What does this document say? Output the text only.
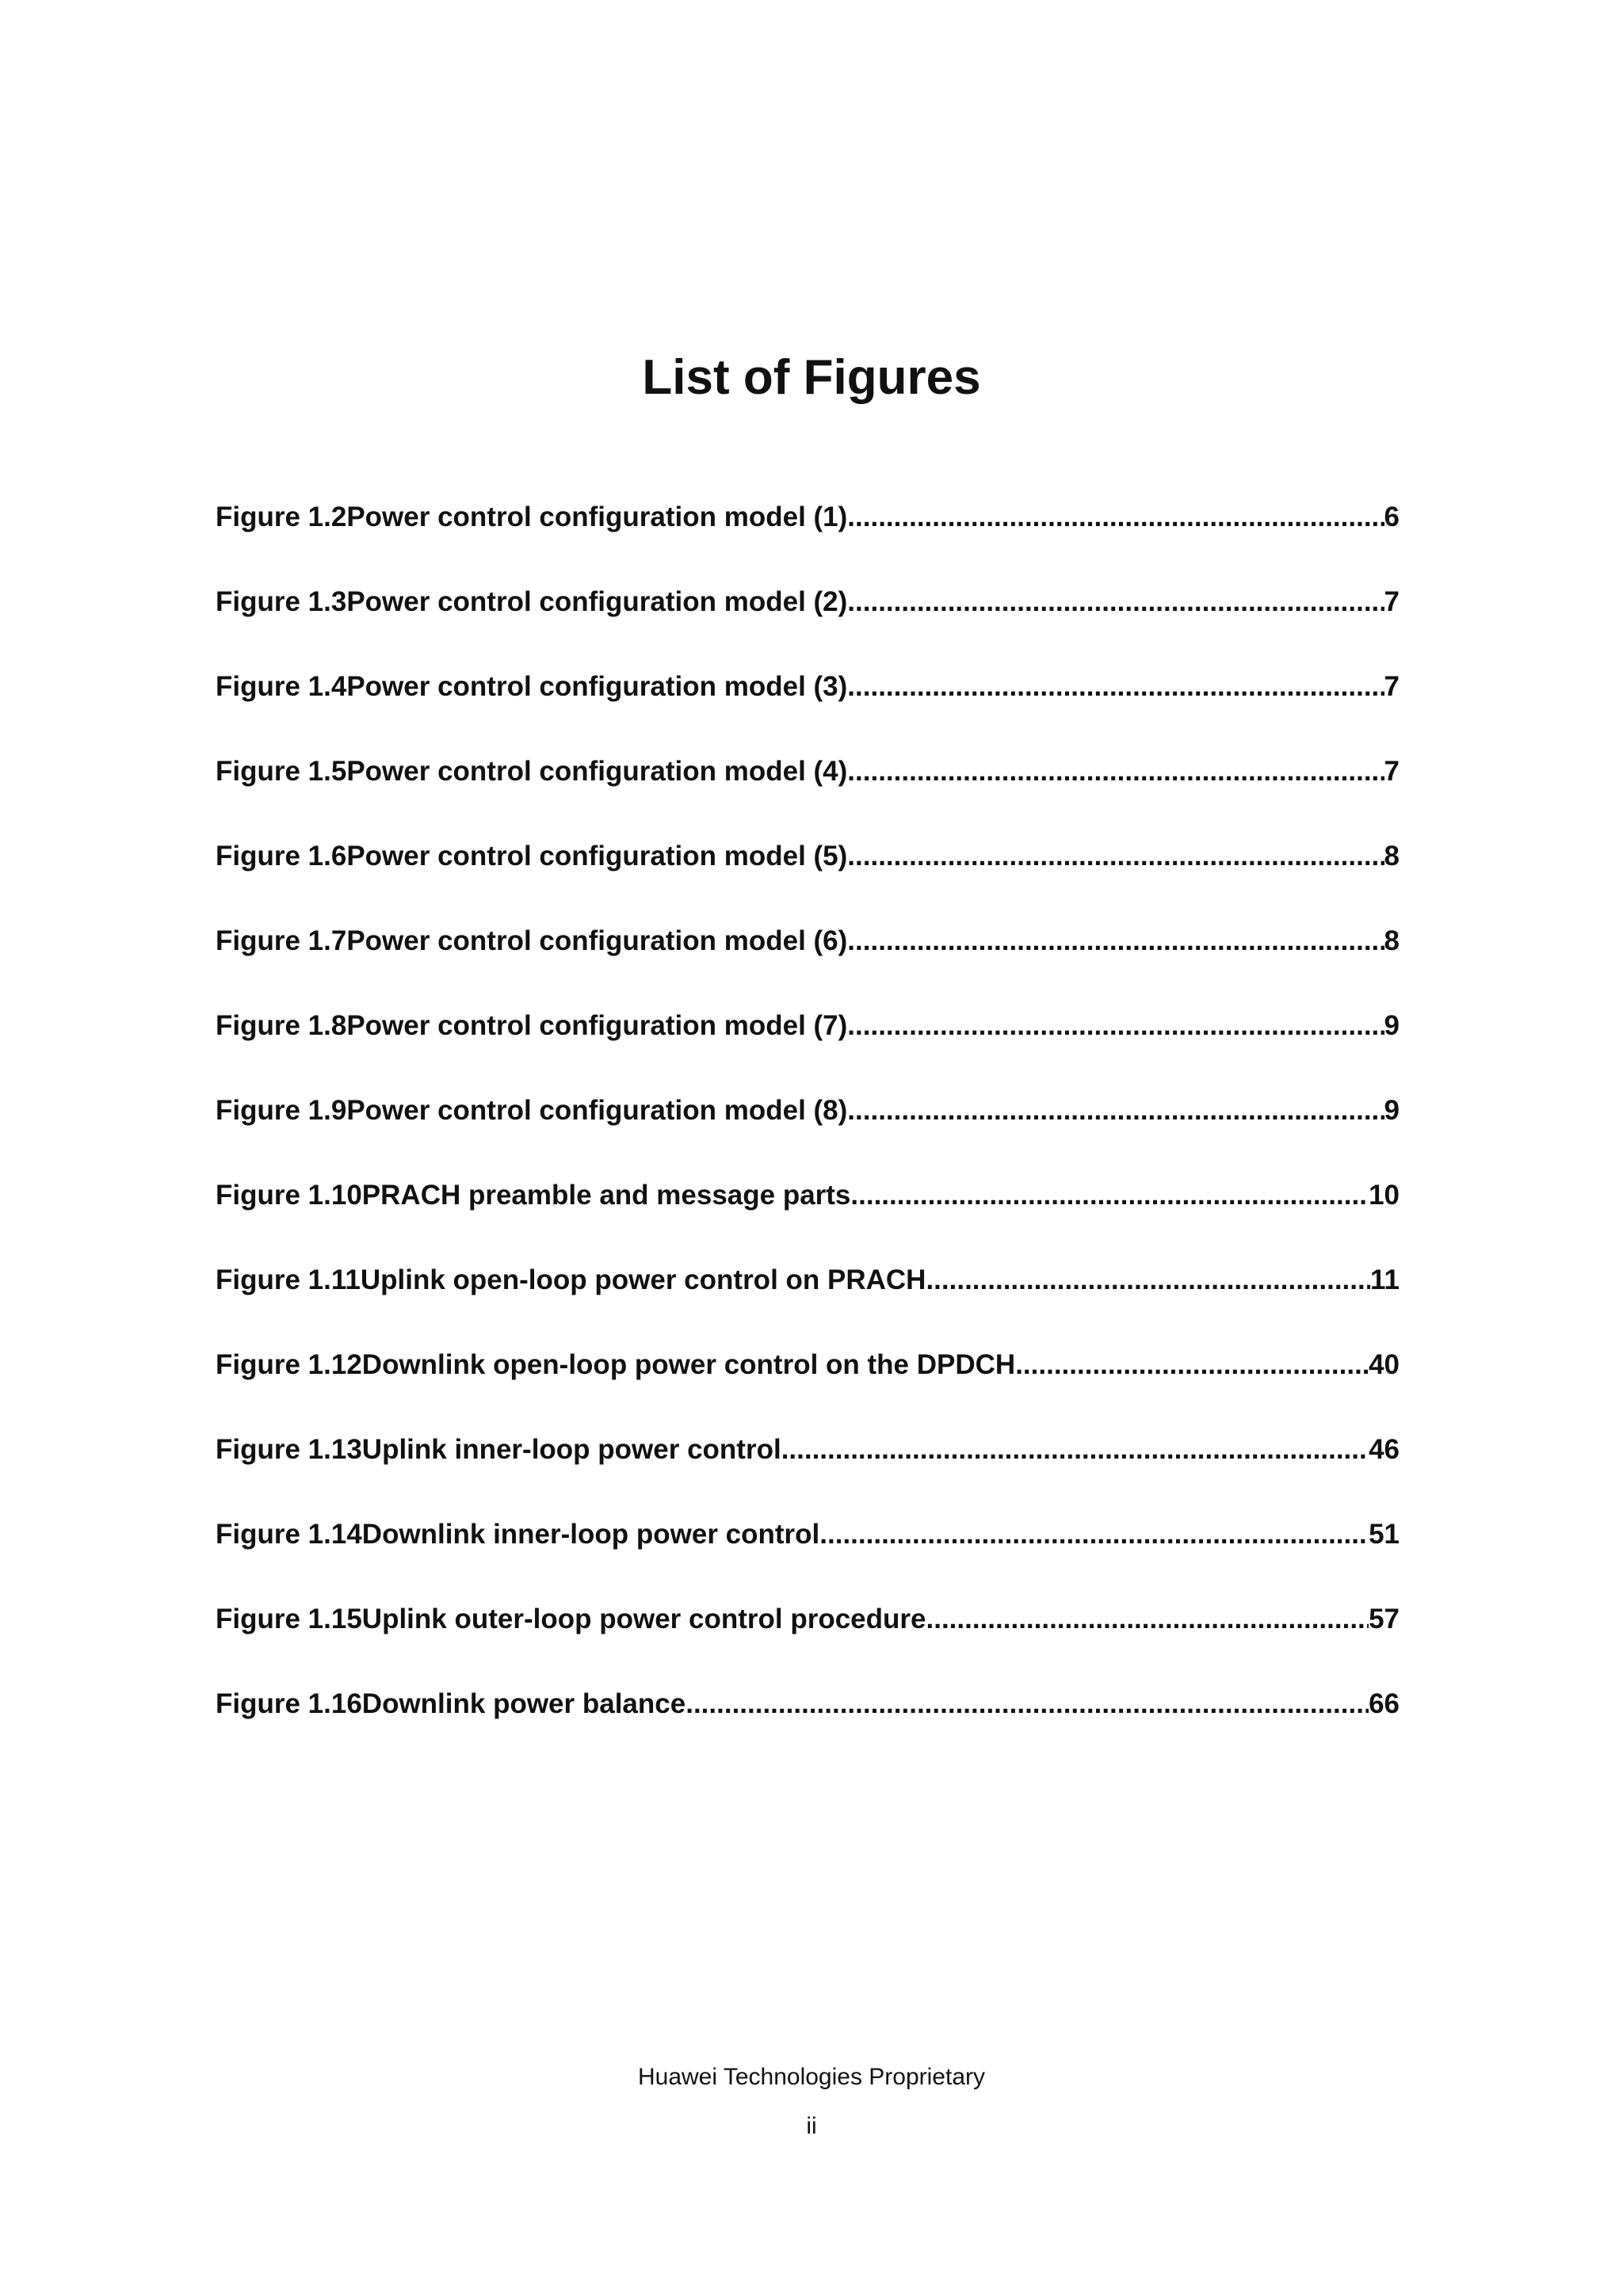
List of Figures
Figure 1.2 Power control configuration model (1) .....	6
Figure 1.3 Power control configuration model (2) .....	7
Figure 1.4 Power control configuration model (3) .....	7
Figure 1.5 Power control configuration model (4) .....	7
Figure 1.6 Power control configuration model (5) .....	8
Figure 1.7 Power control configuration model (6) .....	8
Figure 1.8 Power control configuration model (7) .....	9
Figure 1.9 Power control configuration model (8) .....	9
Figure 1.10 PRACH preamble and message parts .....	10
Figure 1.11 Uplink open-loop power control on PRACH .....	11
Figure 1.12 Downlink open-loop power control on the DPDCH .....	40
Figure 1.13 Uplink inner-loop power control .....	46
Figure 1.14 Downlink inner-loop power control .....	51
Figure 1.15 Uplink outer-loop power control procedure .....	57
Figure 1.16 Downlink power balance .....	66
Huawei Technologies Proprietary
ii
